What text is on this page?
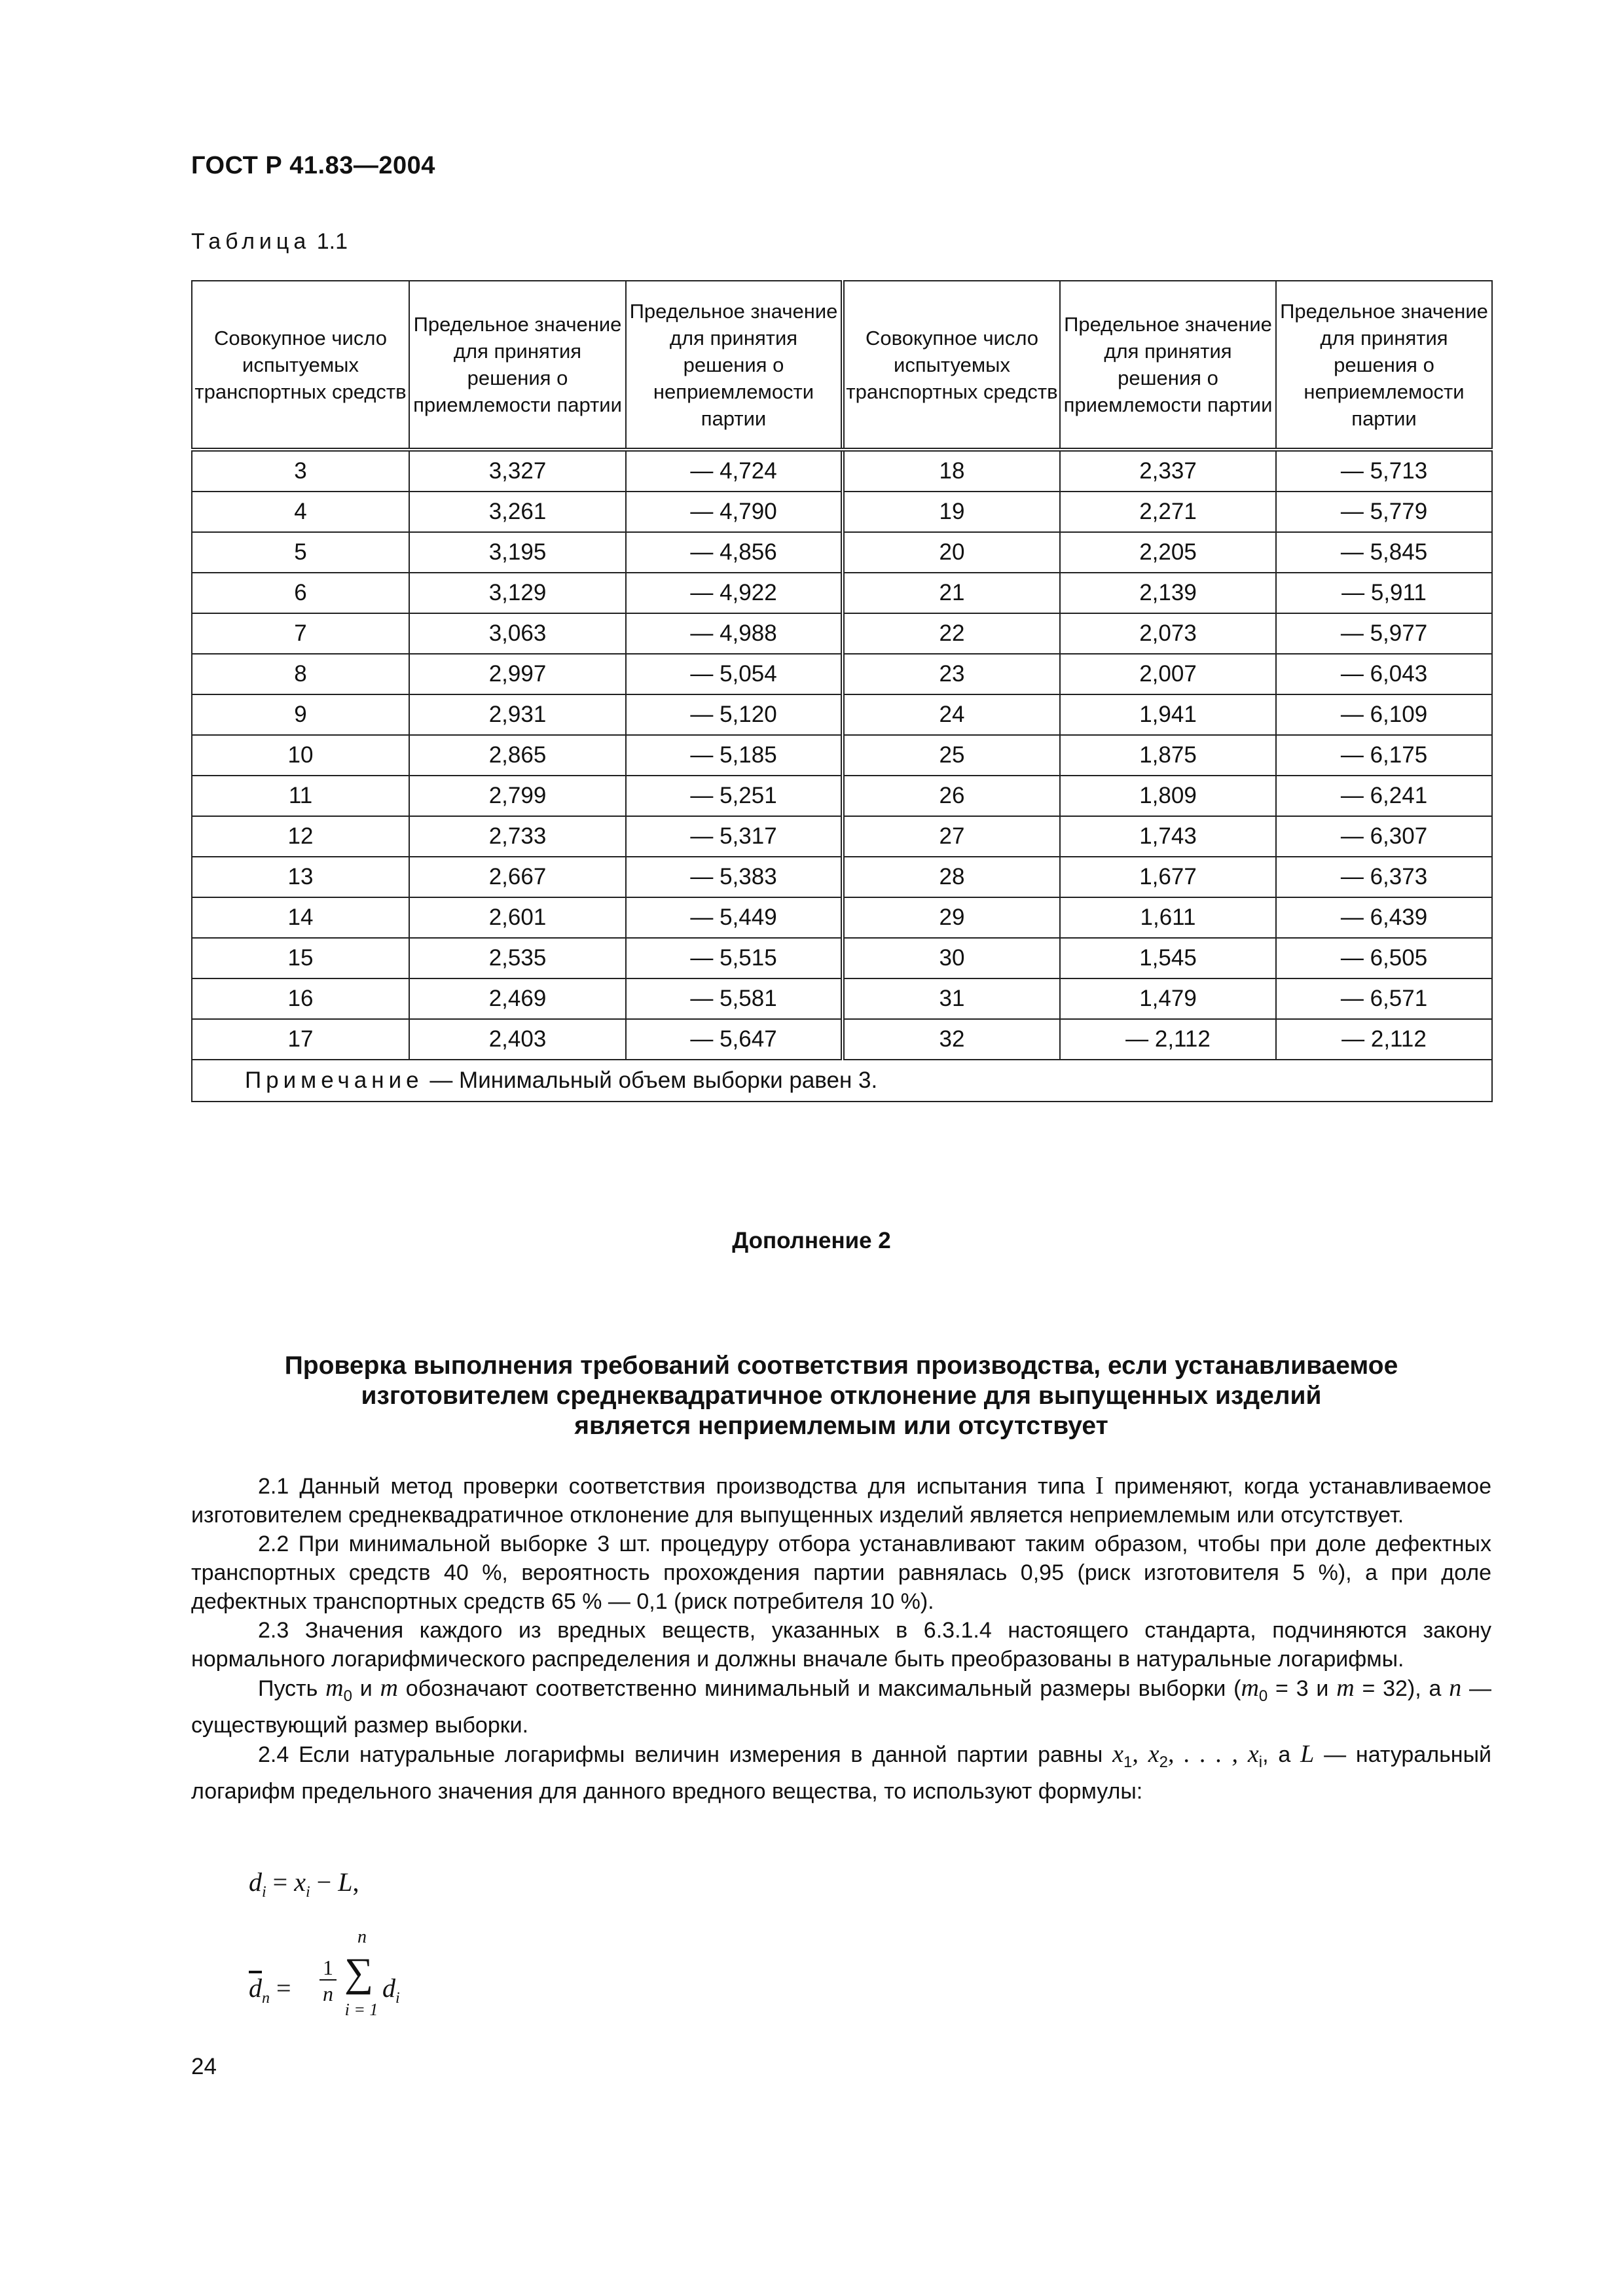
ГОСТ Р 41.83—2004
Таблица 1.1
Совокупное число испытуемых транспортных средств	Предельное значение для принятия решения о приемлемости партии	Предельное значение для принятия решения о неприемлемости партии	Совокупное число испытуемых транспортных средств	Предельное значение для принятия решения о приемлемости партии	Предельное значение для принятия решения о неприемлемости партии
3	3,327	— 4,724	18	2,337	— 5,713
4	3,261	— 4,790	19	2,271	— 5,779
5	3,195	— 4,856	20	2,205	— 5,845
6	3,129	— 4,922	21	2,139	— 5,911
7	3,063	— 4,988	22	2,073	— 5,977
8	2,997	— 5,054	23	2,007	— 6,043
9	2,931	— 5,120	24	1,941	— 6,109
10	2,865	— 5,185	25	1,875	— 6,175
11	2,799	— 5,251	26	1,809	— 6,241
12	2,733	— 5,317	27	1,743	— 6,307
13	2,667	— 5,383	28	1,677	— 6,373
14	2,601	— 5,449	29	1,611	— 6,439
15	2,535	— 5,515	30	1,545	— 6,505
16	2,469	— 5,581	31	1,479	— 6,571
17	2,403	— 5,647	32	— 2,112	— 2,112
Примечание — Минимальный объем выборки равен 3.					
Дополнение 2
Проверка выполнения требований соответствия производства, если устанавливаемое
изготовителем среднеквадратичное отклонение для выпущенных изделий
является неприемлемым или отсутствует

2.1 Данный метод проверки соответствия производства для испытания типа I применяют, когда устанавливаемое изготовителем среднеквадратичное отклонение для выпущенных изделий является неприемлемым или отсутствует.

2.2 При минимальной выборке 3 шт. процедуру отбора устанавливают таким образом, чтобы при доле дефектных транспортных средств 40 %, вероятность прохождения партии равнялась 0,95 (риск изготовителя 5 %), а при доле дефектных транспортных средств 65 % — 0,1 (риск потребителя 10 %).

2.3 Значения каждого из вредных веществ, указанных в 6.3.1.4 настоящего стандарта, подчиняются закону нормального логарифмического распределения и должны вначале быть преобразованы в натуральные логарифмы.

Пусть $m_0$ и m обозначают соответственно минимальный и максимальный размеры выборки ($m_0 = 3$ и m = 32), а n — существующий размер выборки.

2.4 Если натуральные логарифмы величин измерения в данной партии равны $x_1$, $x_2$, . . . , $x_i$, а L — натуральный логарифм предельного значения для данного вредного вещества, то используют формулы:

$d_i = x_i - L$,
$\overline{d}_n$ =
1
n
n
∑
i = 1
$d_i$
24
